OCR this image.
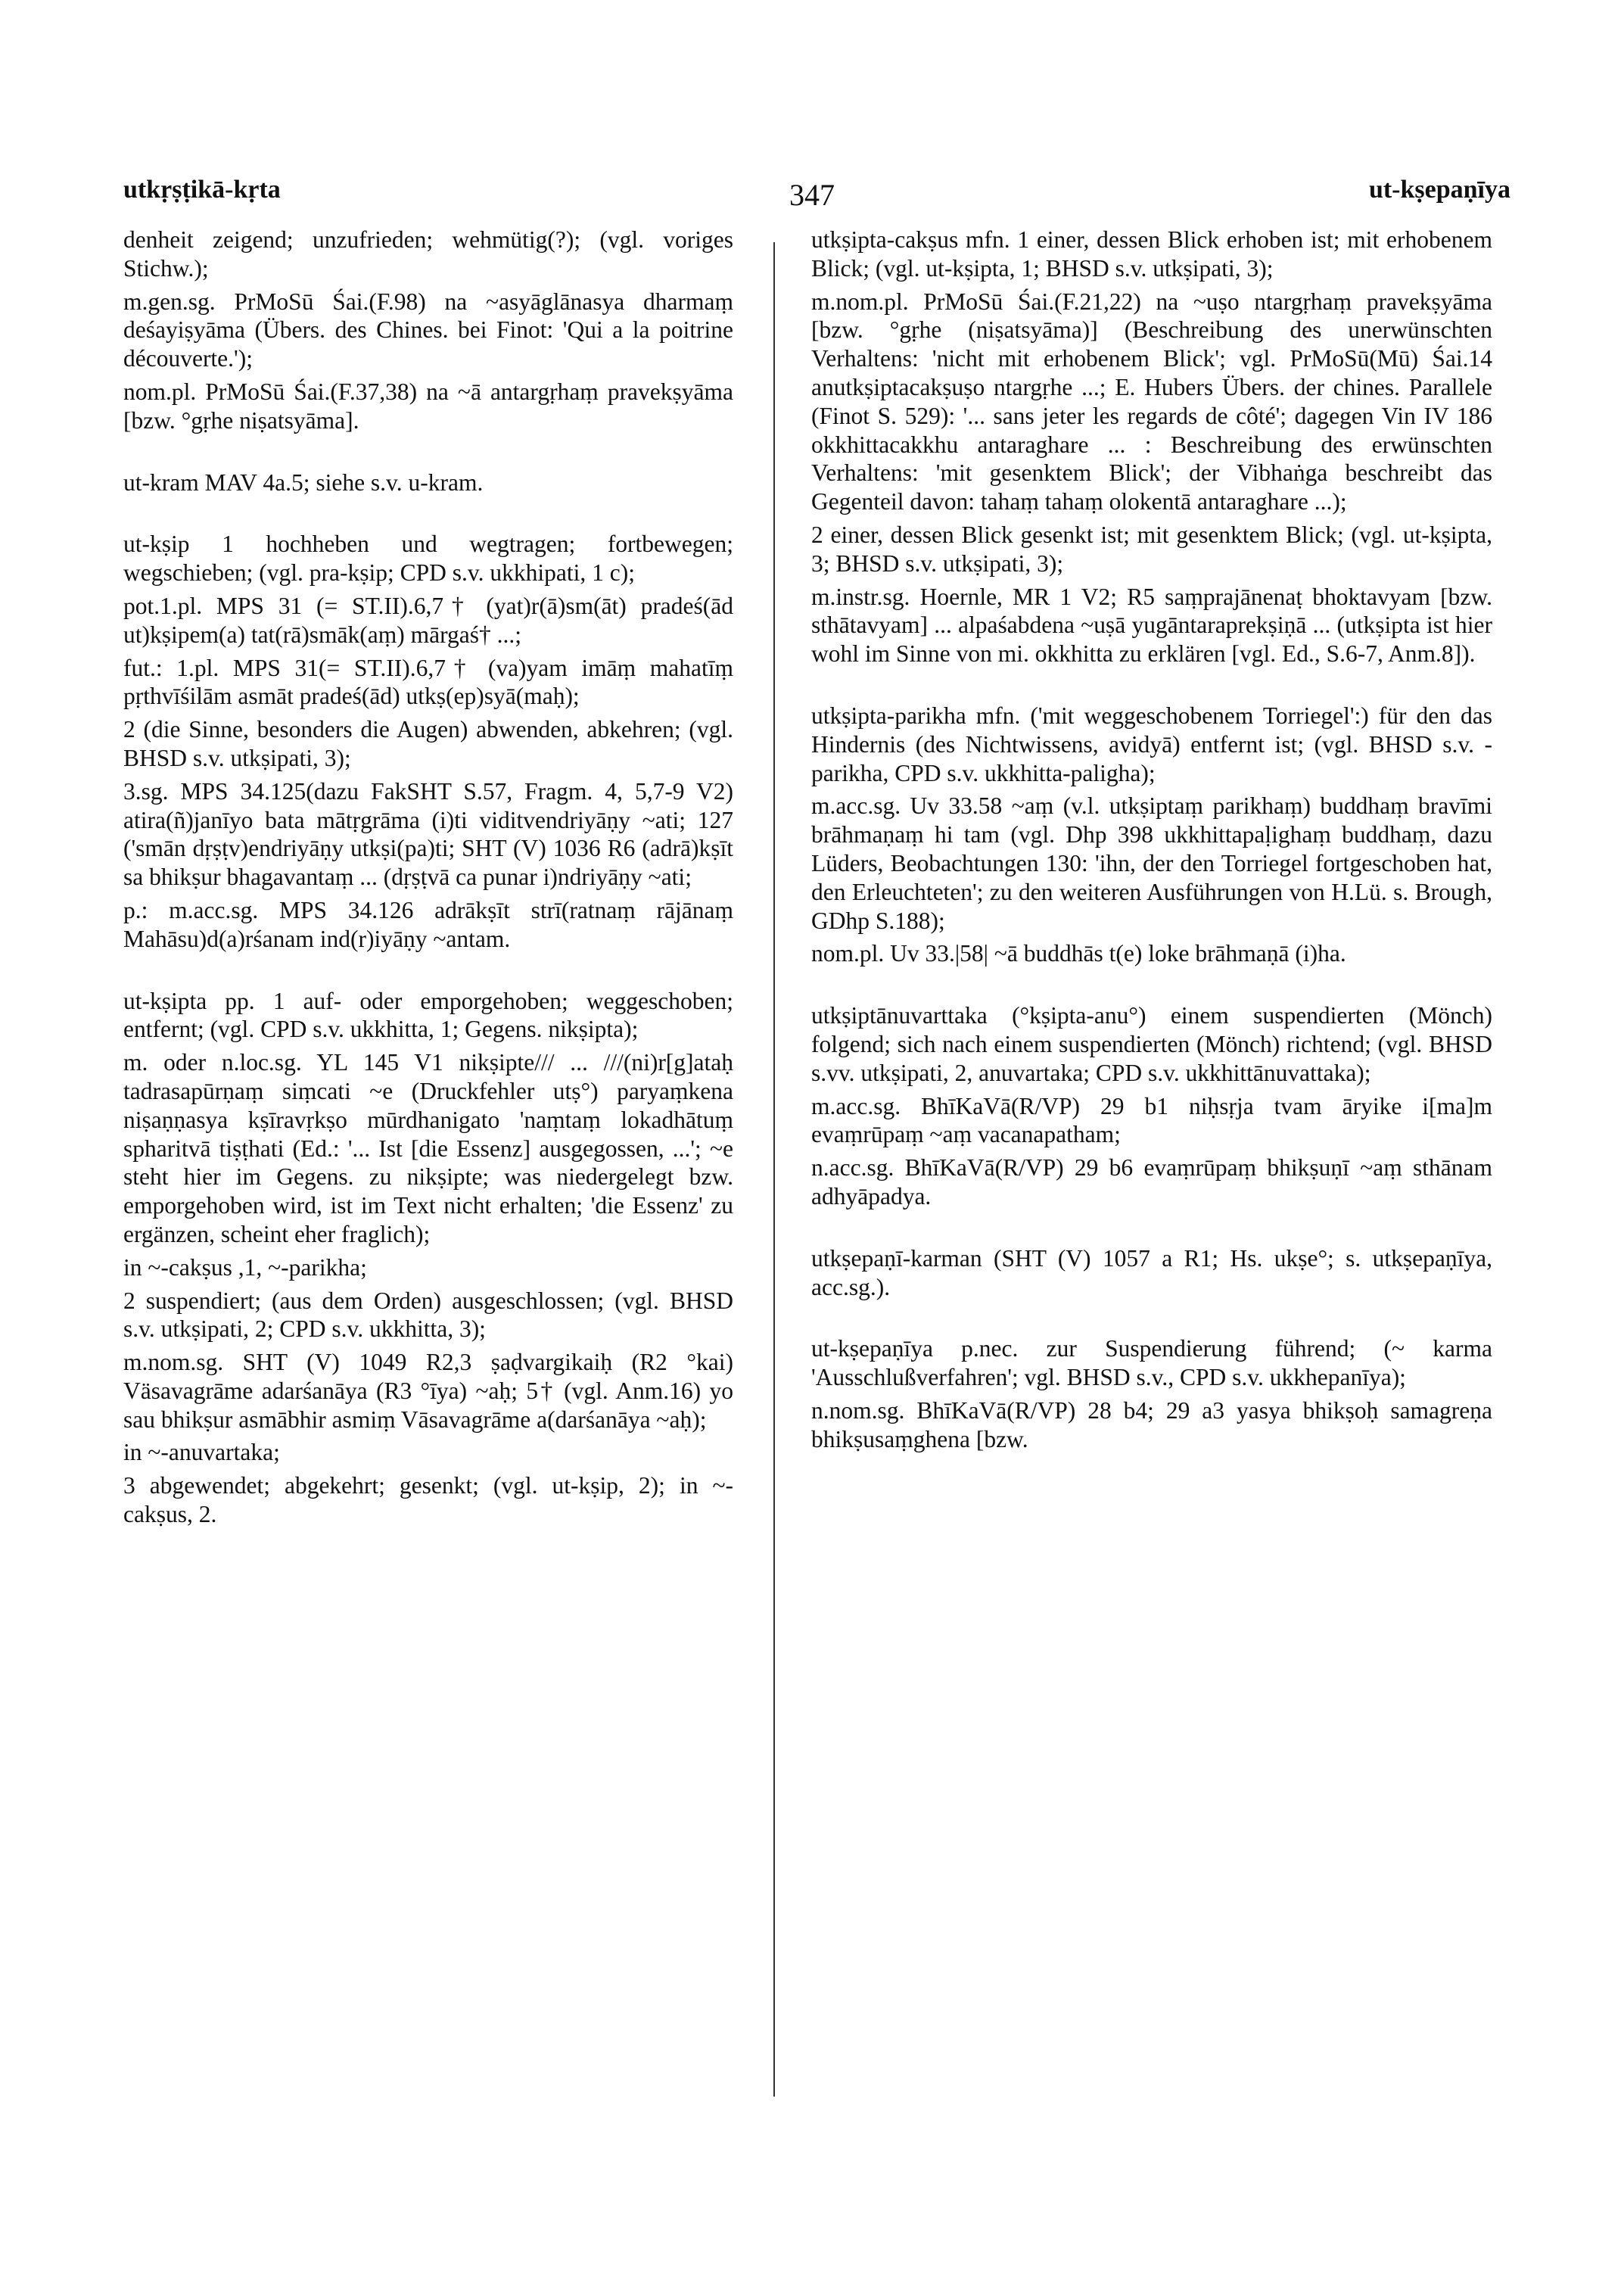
utkṛṣṭikā-kṛta	347	ut-kṣepaṇīya

denheit zeigend; unzufrieden; wehmütig(?); (vgl. voriges Stichw.);

m.gen.sg. PrMoSū Śai.(F.98) na ~asyāglānasya dharmaṃ deśayiṣyāma (Übers. des Chines. bei Finot: 'Qui a la poitrine découverte.');

nom.pl. PrMoSū Śai.(F.37,38) na ~ā antargṛhaṃ pravekṣyāma [bzw. °gṛhe niṣatsyāma].

ut-kram MAV 4a.5; siehe s.v. u-kram.

ut-kṣip 1 hochheben und wegtragen; fortbewegen; wegschieben; (vgl. pra-kṣip; CPD s.v. ukkhipati, 1 c);

pot.1.pl. MPS 31 (= ST.II).6,7† (yat)r(ā)sm(āt) pradeś(ād ut)kṣipem(a) tat(rā)smāk(aṃ) mārgaś† ...;

fut.: 1.pl. MPS 31(= ST.II).6,7† (va)yam imāṃ mahatīṃ pṛthvīśilām asmāt pradeś(ād) utkṣ(ep)syā(maḥ);

2 (die Sinne, besonders die Augen) abwenden, abkehren; (vgl. BHSD s.v. utkṣipati, 3);

3.sg. MPS 34.125(dazu FakSHT S.57, Fragm. 4, 5,7-9 V2) atira(ñ)janīyo bata mātṛgrāma (i)ti viditvendriyāṇy ~ati; 127 ('smān dṛṣṭv)endriyāṇy utkṣi(pa)ti; SHT (V) 1036 R6 (adrā)kṣīt sa bhikṣur bhagavantaṃ ... (dṛṣṭvā ca punar i)ndriyāṇy ~ati;

p.: m.acc.sg. MPS 34.126 adrākṣīt strī(ratnaṃ rājānaṃ Mahāsu)d(a)rśanam ind(r)iyāṇy ~antam.

ut-kṣipta pp. 1 auf- oder emporgehoben; weggeschoben; entfernt; (vgl. CPD s.v. ukkhitta, 1; Gegens. nikṣipta);

m. oder n.loc.sg. YL 145 V1 nikṣipte/// ... ///(ni)r[g]ataḥ tadrasapūrṇaṃ siṃcati ~e (Druckfehler utṣ°) paryaṃkena niṣaṇṇasya kṣīravṛkṣo mūrdhanigato 'naṃtaṃ lokadhātuṃ spharitvā tiṣṭhati (Ed.: '... Ist [die Essenz] ausgegossen, ...'; ~e steht hier im Gegens. zu nikṣipte; was niedergelegt bzw. emporgehoben wird, ist im Text nicht erhalten; 'die Essenz' zu ergänzen, scheint eher fraglich);

in ~-cakṣus ,1, ~-parikha;

2 suspendiert; (aus dem Orden) ausgeschlossen; (vgl. BHSD s.v. utkṣipati, 2; CPD s.v. ukkhitta, 3);

m.nom.sg. SHT (V) 1049 R2,3 ṣaḍvargikaiḥ (R2 °kai) Väsavagrāme adarśanāya (R3 °īya) ~aḥ; 5† (vgl. Anm.16) yo sau bhikṣur asmābhir asmiṃ Vāsavagrāme a(darśanāya ~aḥ);

in ~-anuvartaka;

3 abgewendet; abgekehrt; gesenkt; (vgl. ut-kṣip, 2); in ~-cakṣus, 2.

utkṣipta-cakṣus mfn. 1 einer, dessen Blick erhoben ist; mit erhobenem Blick; (vgl. ut-kṣipta, 1; BHSD s.v. utkṣipati, 3);

m.nom.pl. PrMoSū Śai.(F.21,22) na ~uṣo ntargṛhaṃ pravekṣyāma [bzw. °gṛhe (niṣatsyāma)] (Beschreibung des unerwünschten Verhaltens: 'nicht mit erhobenem Blick'; vgl. PrMoSū(Mū) Śai.14 anutkṣiptacakṣuṣo ntargṛhe ...; E. Hubers Übers. der chines. Parallele (Finot S. 529): '... sans jeter les regards de côté'; dagegen Vin IV 186 okkhittacakkhu antaraghare ... : Beschreibung des erwünschten Verhaltens: 'mit gesenktem Blick'; der Vibhaṅga beschreibt das Gegenteil davon: tahaṃ tahaṃ olokentā antaraghare ...);

2 einer, dessen Blick gesenkt ist; mit gesenktem Blick; (vgl. ut-kṣipta, 3; BHSD s.v. utkṣipati, 3);

m.instr.sg. Hoernle, MR 1 V2; R5 saṃprajānenaṭ bhoktavyam [bzw. sthātavyam] ... alpaśabdena ~uṣā yugāntaraprekṣiṇā ... (utkṣipta ist hier wohl im Sinne von mi. okkhitta zu erklären [vgl. Ed., S.6-7, Anm.8]).

utkṣipta-parikha mfn. ('mit weggeschobenem Torriegel':) für den das Hindernis (des Nichtwissens, avidyā) entfernt ist; (vgl. BHSD s.v. -parikha, CPD s.v. ukkhitta-paligha);

m.acc.sg. Uv 33.58 ~aṃ (v.l. utkṣiptaṃ parikhaṃ) buddhaṃ bravīmi brāhmaṇaṃ hi tam (vgl. Dhp 398 ukkhittapaḷighaṃ buddhaṃ, dazu Lüders, Beobachtungen 130: 'ihn, der den Torriegel fortgeschoben hat, den Erleuchteten'; zu den weiteren Ausführungen von H.Lü. s. Brough, GDhp S.188);

nom.pl. Uv 33.|58| ~ā buddhās t(e) loke brāhmaṇā (i)ha.

utkṣiptānuvarttaka (°kṣipta-anu°) einem suspendierten (Mönch) folgend; sich nach einem suspendierten (Mönch) richtend; (vgl. BHSD s.vv. utkṣipati, 2, anuvartaka; CPD s.v. ukkhittānuvattaka);

m.acc.sg. BhīKaVā(R/VP) 29 b1 niḥsṛja tvam āryike i[ma]m evaṃrūpaṃ ~aṃ vacanapatham;

n.acc.sg. BhīKaVā(R/VP) 29 b6 evaṃrūpaṃ bhikṣuṇī ~aṃ sthānam adhyāpadya.

utkṣepaṇī-karman (SHT (V) 1057 a R1; Hs. ukṣe°; s. utkṣepaṇīya, acc.sg.).

ut-kṣepaṇīya p.nec. zur Suspendierung führend; (~ karma 'Ausschlußverfahren'; vgl. BHSD s.v., CPD s.v. ukkhepanīya);

n.nom.sg. BhīKaVā(R/VP) 28 b4; 29 a3 yasya bhikṣoḥ samagreṇa bhikṣusaṃghena [bzw.
